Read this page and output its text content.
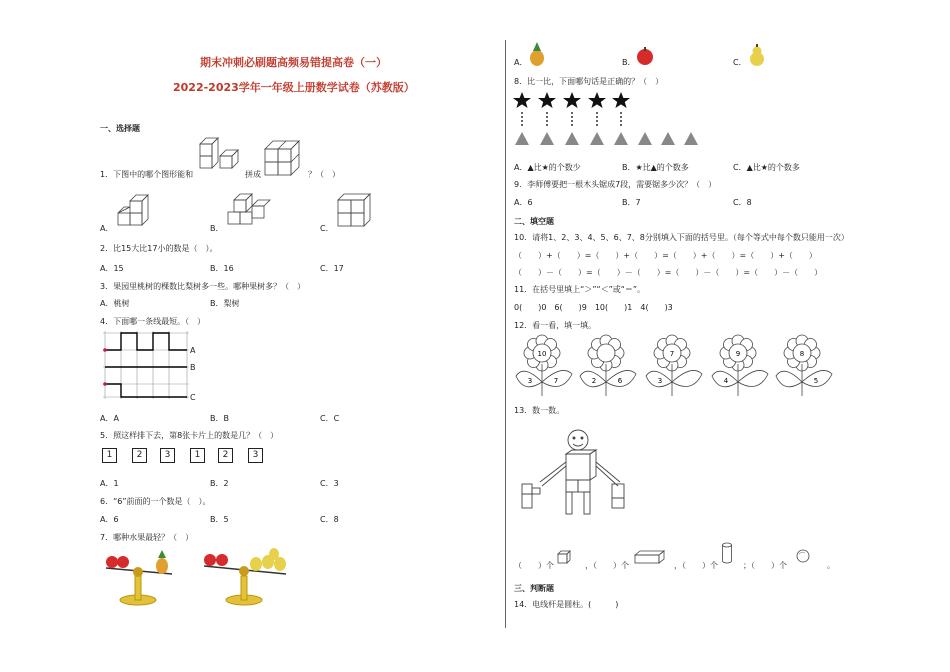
期末冲刺必刷题高频易错提高卷（一）
2022-2023学年一年级上册数学试卷（苏教版）
一、选择题
1．下图中的哪个图形能和	拼成	？（　）
A．	B．	C．
2．比15大比17小的数是（　）。
A．15	B．16	C．17
3．果园里桃树的棵数比梨树多一些。哪种果树多？（　）
A．桃树	B．梨树
4．下面哪一条线最短。（　）
A
B
C
A．A	B．B	C．C
5．照这样排下去，第8张卡片上的数是几？（　）
1	2	3	1	2	3
A．1	B．2	C．3
6．“6”前面的一个数是（　）。
A．6	B．5	C．8
7．哪种水果最轻？（　）
A．	B．	C．
8．比一比，下面哪句话是正确的？（　）
A．▲比★的个数少	B．★比▲的个数多	C．▲比★的个数多
9．李师傅要把一根木头锯成7段，需要锯多少次？（　）
A．6	B．7	C．8
二、填空题
10．请将1、2、3、4、5、6、7、8分别填入下面的括号里。（每个等式中每个数只能用一次）
（　　）+（　　）=（　　）+（　　）=（　　）+（　　）=（　　）+（　　）
（　　）－（　　）=（　　）－（　　）=（　　）－（　　）=（　　）－（　　）
11．在括号里填上“＞”“＜”或“＝”。
0(　　)0　6(　　)9　10(　　)1　4(　　)3
12．看一看，填一填。
10
3	7	2	6
7
3
9
4
8
5
13．数一数。
（　　）个	，（　　）个	，（　　）个	；（　　）个	。
三、判断题
14．电线杆是圆柱。(　　　)
